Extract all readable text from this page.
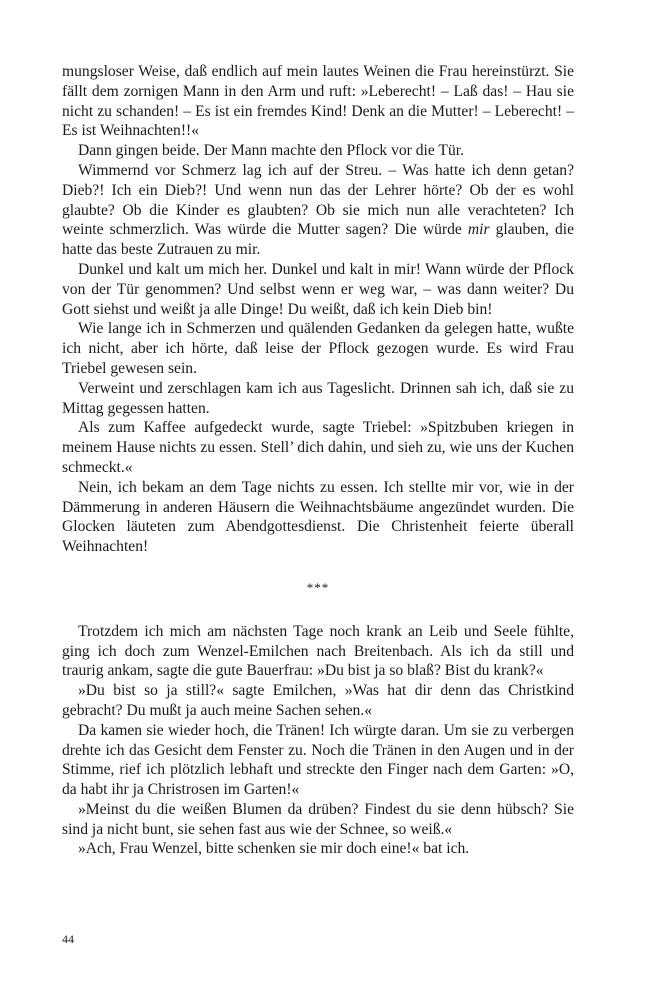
mungsloser Weise, daß endlich auf mein lautes Weinen die Frau hereinstürzt. Sie fällt dem zornigen Mann in den Arm und ruft: »Leberecht! – Laß das! – Hau sie nicht zu schanden! – Es ist ein fremdes Kind! Denk an die Mutter! – Leberecht! – Es ist Weihnachten!!«

Dann gingen beide. Der Mann machte den Pflock vor die Tür.

Wimmernd vor Schmerz lag ich auf der Streu. – Was hatte ich denn getan? Dieb?! Ich ein Dieb?! Und wenn nun das der Lehrer hörte? Ob der es wohl glaubte? Ob die Kinder es glaubten? Ob sie mich nun alle verachteten? Ich weinte schmerzlich. Was würde die Mutter sagen? Die würde mir glauben, die hatte das beste Zutrauen zu mir.

Dunkel und kalt um mich her. Dunkel und kalt in mir! Wann würde der Pflock von der Tür genommen? Und selbst wenn er weg war, – was dann weiter? Du Gott siehst und weißt ja alle Dinge! Du weißt, daß ich kein Dieb bin!

Wie lange ich in Schmerzen und quälenden Gedanken da gelegen hatte, wußte ich nicht, aber ich hörte, daß leise der Pflock gezogen wurde. Es wird Frau Triebel gewesen sein.

Verweint und zerschlagen kam ich aus Tageslicht. Drinnen sah ich, daß sie zu Mittag gegessen hatten.

Als zum Kaffee aufgedeckt wurde, sagte Triebel: »Spitzbuben kriegen in meinem Hause nichts zu essen. Stell’ dich dahin, und sieh zu, wie uns der Kuchen schmeckt.«

Nein, ich bekam an dem Tage nichts zu essen. Ich stellte mir vor, wie in der Dämmerung in anderen Häusern die Weihnachtsbäume angezündet wurden. Die Glocken läuteten zum Abendgottesdienst. Die Christenheit feierte überall Weihnachten!

***

Trotzdem ich mich am nächsten Tage noch krank an Leib und Seele fühlte, ging ich doch zum Wenzel-Emilchen nach Breitenbach. Als ich da still und traurig ankam, sagte die gute Bauerfrau: »Du bist ja so blaß? Bist du krank?«

»Du bist so ja still?« sagte Emilchen, »Was hat dir denn das Christkind gebracht? Du mußt ja auch meine Sachen sehen.«

Da kamen sie wieder hoch, die Tränen! Ich würgte daran. Um sie zu verbergen drehte ich das Gesicht dem Fenster zu. Noch die Tränen in den Augen und in der Stimme, rief ich plötzlich lebhaft und streckte den Finger nach dem Garten: »O, da habt ihr ja Christrosen im Garten!«

»Meinst du die weißen Blumen da drüben? Findest du sie denn hübsch? Sie sind ja nicht bunt, sie sehen fast aus wie der Schnee, so weiß.«

»Ach, Frau Wenzel, bitte schenken sie mir doch eine!« bat ich.

44
